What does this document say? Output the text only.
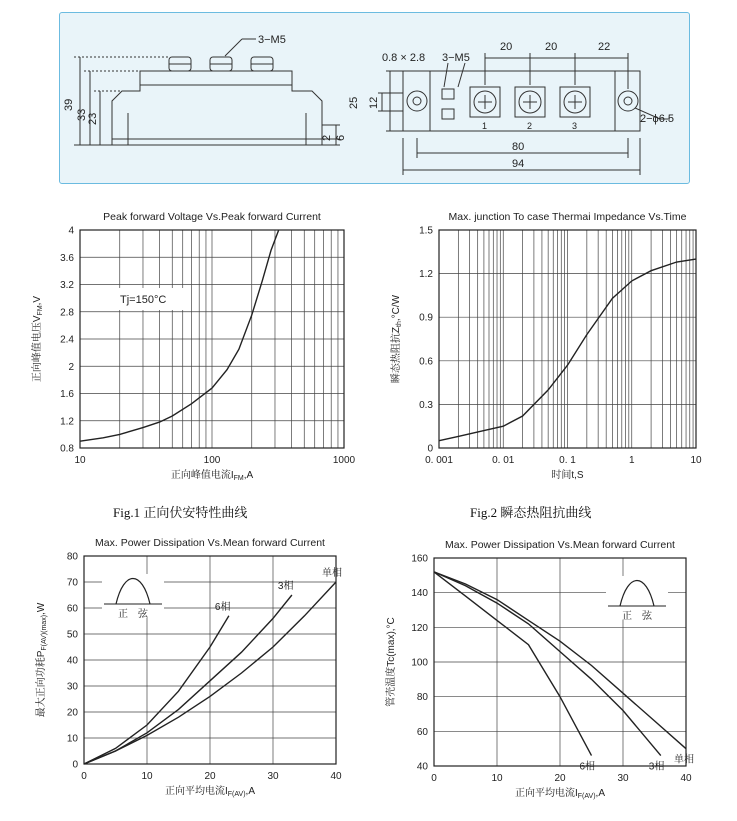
3−M5
39
33 23
2 6
0.8 × 2.8 3−M5
20	20	22
25 12
2−ϕ6.5
80
94
1	2	3
Peak forward Voltage Vs.Peak forward Current
0.8
1.2
1.6
2
2.4
2.8
3.2
3.6
4
10	100	1000
正向峰值电流$I_{FM},A$
正向峰值电压$V_{FM},V$	Tj=150°C
Max. junction To case Thermai Impedance Vs.Time
0
0.3
0.6
0.9
1.2
1.5
0. 001	0. 01	0. 1	1	10
时间t,S
瞬态热阻抗$Z_{th},^\circ C/W$
Fig.1 正向伏安特性曲线	Fig.2 瞬态热阻抗曲线
Max. Power Dissipation Vs.Mean forward Current
0
10
20
30
40
50
60
70
80
0	10	20	30	40
正向平均电流$I_{F(AV)},A$
最大正向功耗$P_{F(AV)(max)},W$	6相
3相
单相
正　弦
Max. Power Dissipation Vs.Mean forward Current
40
60
80
100
120
140
160
0	10	20	30	40
正向平均电流$I_{F(AV)},A$
管壳温度Tc(max),°C
6相	3相
单相
正　弦
